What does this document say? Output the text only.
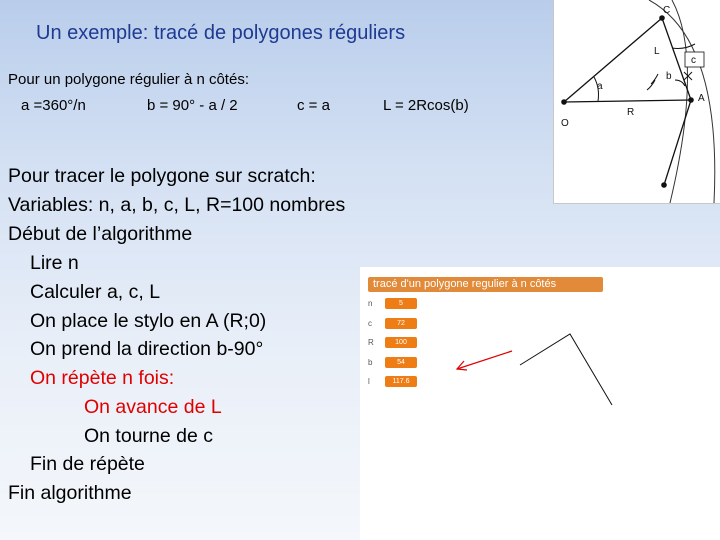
Un exemple: tracé de polygones réguliers
Pour un polygone régulier à n côtés:
a =360°/n	b = 90° - a / 2	c = a	L = 2Rcos(b)
Pour tracer le polygone sur scratch:
Variables: n, a, b, c, L, R=100 nombres
Début de l’algorithme
Lire n
Calculer a, c, L
On place le stylo en A (R;0)
On prend la direction b-90°
On répète n fois:
On avance de L
On tourne de c
Fin de répète
Fin algorithme
C
L
c
b
a
A
R
O
tracé d'un polygone regulier à n côtés
n	5
c	72
R	100
b	54
l	117.6
